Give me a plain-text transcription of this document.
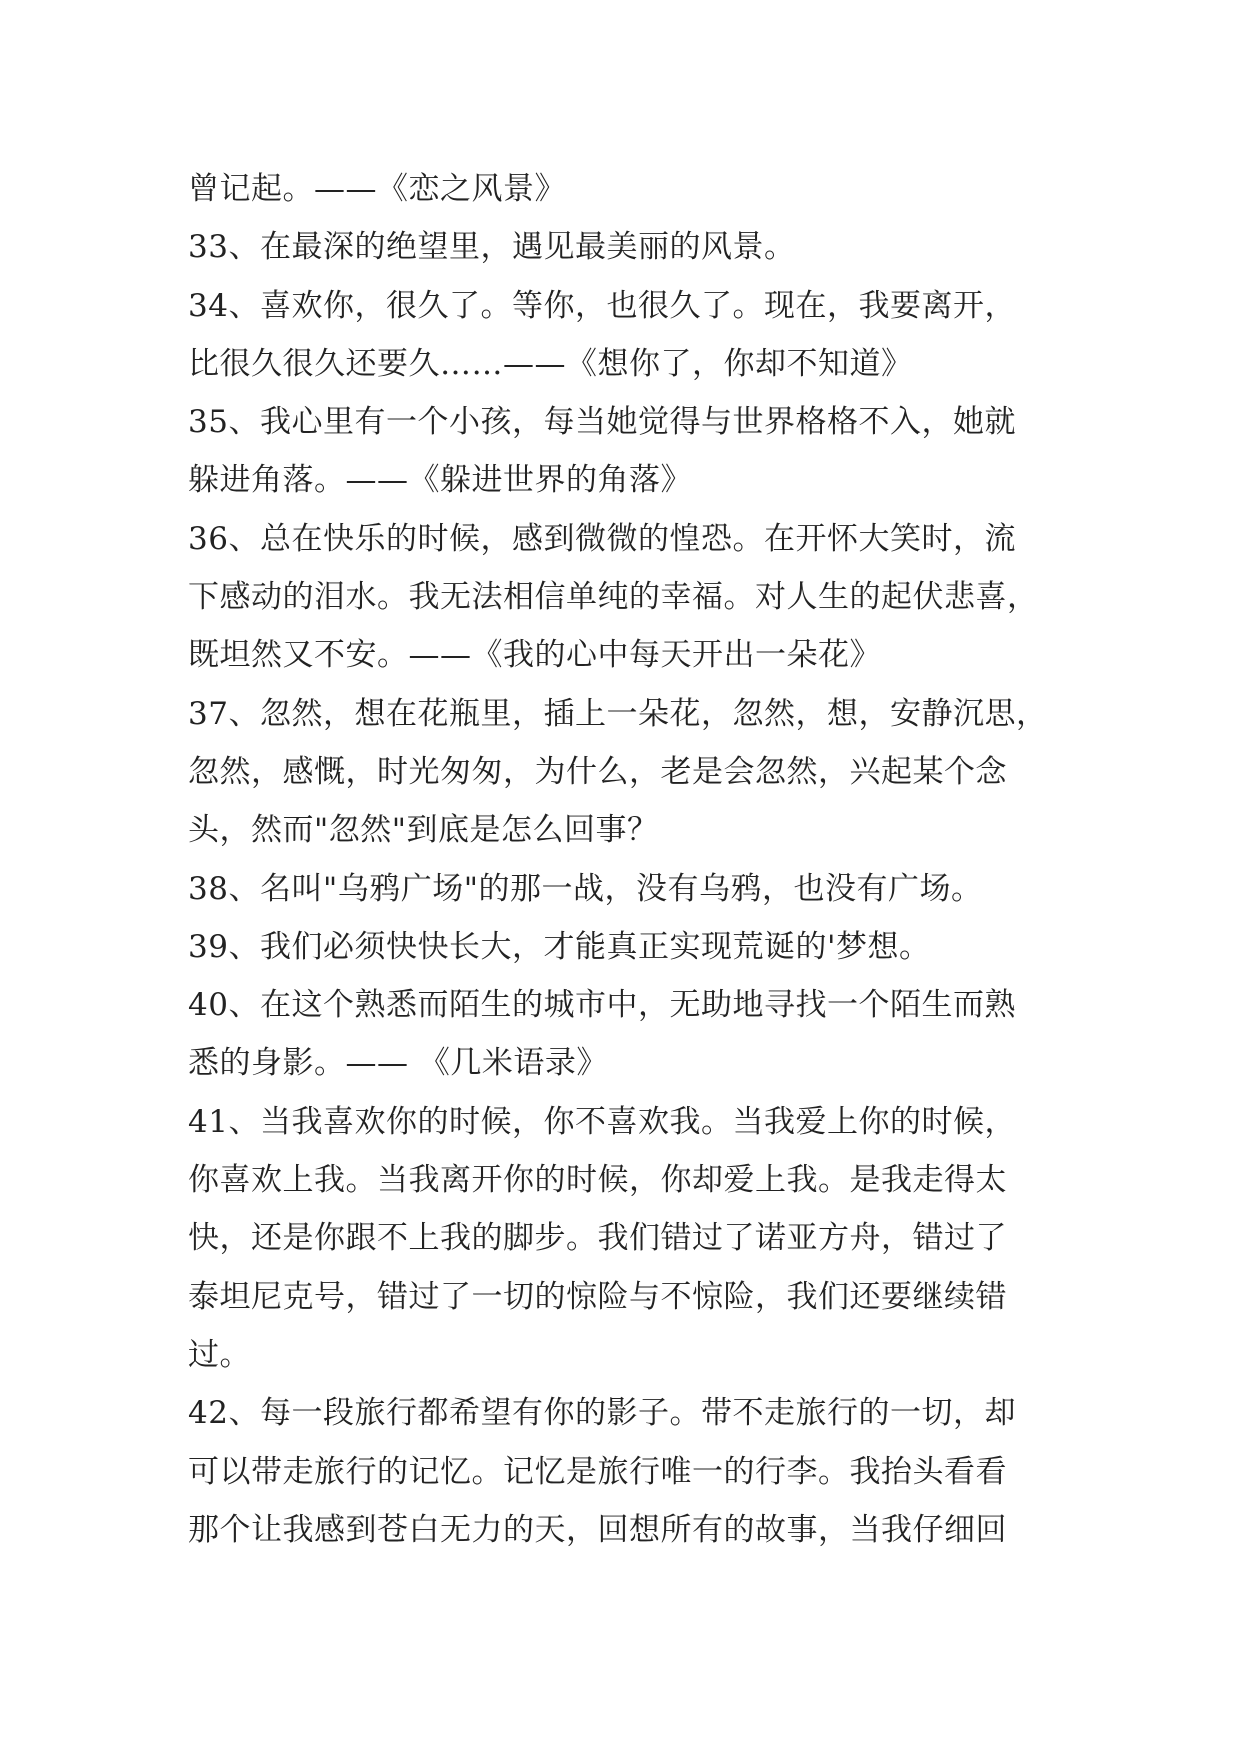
曾记起。——《恋之风景》
33、在最深的绝望里，遇见最美丽的风景。
34、喜欢你，很久了。等你，也很久了。现在，我要离开，
比很久很久还要久……——《想你了，你却不知道》
35、我心里有一个小孩，每当她觉得与世界格格不入，她就
躲进角落。——《躲进世界的角落》
36、总在快乐的时候，感到微微的惶恐。在开怀大笑时，流
下感动的泪水。我无法相信单纯的幸福。对人生的起伏悲喜，
既坦然又不安。——《我的心中每天开出一朵花》
37、忽然，想在花瓶里，插上一朵花，忽然，想，安静沉思，
忽然，感慨，时光匆匆，为什么，老是会忽然，兴起某个念
头，然而"忽然"到底是怎么回事？
38、名叫"乌鸦广场"的那一战，没有乌鸦，也没有广场。
39、我们必须快快长大，才能真正实现荒诞的'梦想。
40、在这个熟悉而陌生的城市中，无助地寻找一个陌生而熟
悉的身影。—— 《几米语录》
41、当我喜欢你的时候，你不喜欢我。当我爱上你的时候，
你喜欢上我。当我离开你的时候，你却爱上我。是我走得太
快，还是你跟不上我的脚步。我们错过了诺亚方舟，错过了
泰坦尼克号，错过了一切的惊险与不惊险，我们还要继续错
过。
42、每一段旅行都希望有你的影子。带不走旅行的一切，却
可以带走旅行的记忆。记忆是旅行唯一的行李。我抬头看看
那个让我感到苍白无力的天，回想所有的故事，当我仔细回
